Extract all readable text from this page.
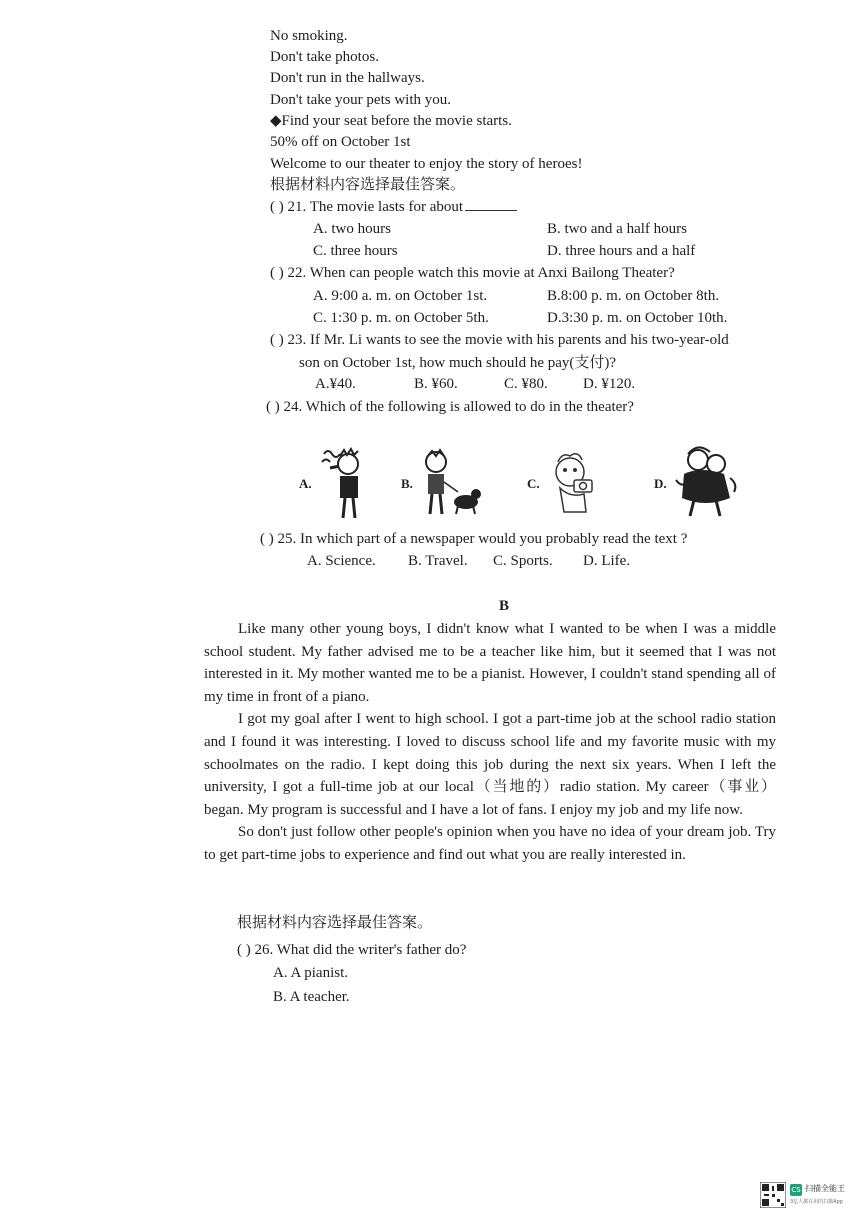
No smoking.
Don't take photos.
Don't run in the hallways.
Don't take your pets with you.
◆Find your seat before the movie starts.
50% off on October 1st
Welcome to our theater to enjoy the story of heroes!
根据材料内容选择最佳答案。
( ) 21. The movie lasts for about
A. two hours	B. two and a half hours
C. three hours	D. three hours and a half
( ) 22. When can people watch this movie at Anxi Bailong Theater?
A. 9:00 a. m. on October 1st.	B.8:00 p. m. on October 8th.
C. 1:30 p. m. on October 5th.	D.3:30 p. m. on October 10th.
( ) 23. If Mr. Li wants to see the movie with his parents and his two-year-old
son on October 1st, how much should he pay(支付)?
A.¥40.	B. ¥60.	C. ¥80. D. ¥120.
( ) 24. Which of the following is allowed to do in the theater?
A.	B.	C.	D.
( ) 25. In which part of a newspaper would you probably read the text ?
A. Science. B. Travel. C. Sports. D. Life.
B

Like many other young boys, I didn't know what I wanted to be when I was a middle school student. My father advised me to be a teacher like him, but it seemed that I was not interested in it. My mother wanted me to be a pianist. However, I couldn't stand spending all of my time in front of a piano.

I got my goal after I went to high school. I got a part-time job at the school radio station and I found it was interesting. I loved to discuss school life and my favorite music with my schoolmates on the radio. I kept doing this job during the next six years. When I left the university, I got a full-time job at our local（当地的）radio station. My career（事业）began. My program is successful and I have a lot of fans. I enjoy my job and my life now.

So don't just follow other people's opinion when you have no idea of your dream job. Try to get part-time jobs to experience and find out what you are really interested in.

根据材料内容选择最佳答案。
( ) 26. What did the writer's father do?
A. A pianist.
B. A teacher.
CS 扫描全能王
3亿人都在用的扫描App
